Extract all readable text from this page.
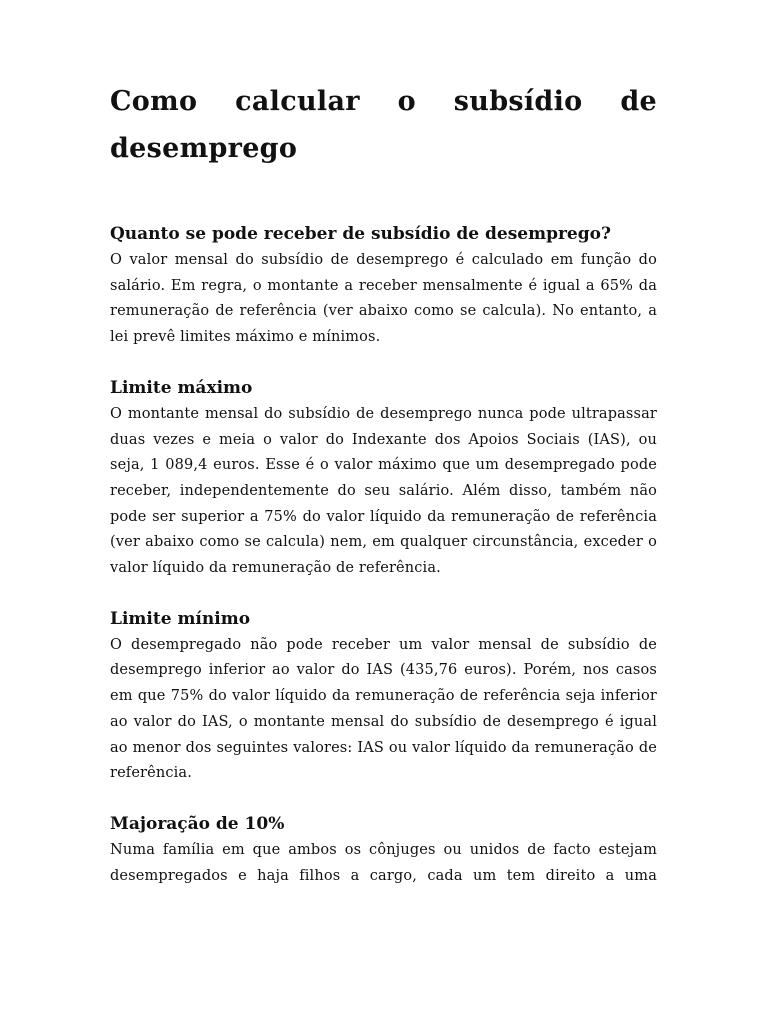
Como calcular o subsídio de
desemprego
Quanto se pode receber de subsídio de desemprego?

O valor mensal do subsídio de desemprego é calculado em função do salário. Em regra, o montante a receber mensalmente é igual a 65% da remuneração de referência (ver abaixo como se calcula). No entanto, a lei prevê limites máximo e mínimos.

Limite máximo

O montante mensal do subsídio de desemprego nunca pode ultrapassar duas vezes e meia o valor do Indexante dos Apoios Sociais (IAS), ou seja, 1 089,4 euros. Esse é o valor máximo que um desempregado pode receber, independentemente do seu salário. Além disso, também não pode ser superior a 75% do valor líquido da remuneração de referência (ver abaixo como se calcula) nem, em qualquer circunstância, exceder o valor líquido da remuneração de referência.

Limite mínimo

O desempregado não pode receber um valor mensal de subsídio de desemprego inferior ao valor do IAS (435,76 euros). Porém, nos casos em que 75% do valor líquido da remuneração de referência seja inferior ao valor do IAS, o montante mensal do subsídio de desemprego é igual ao menor dos seguintes valores: IAS ou valor líquido da remuneração de referência.

Majoração de 10%

Numa família em que ambos os cônjuges ou unidos de facto estejam desempregados e haja filhos a cargo, cada um tem direito a uma
